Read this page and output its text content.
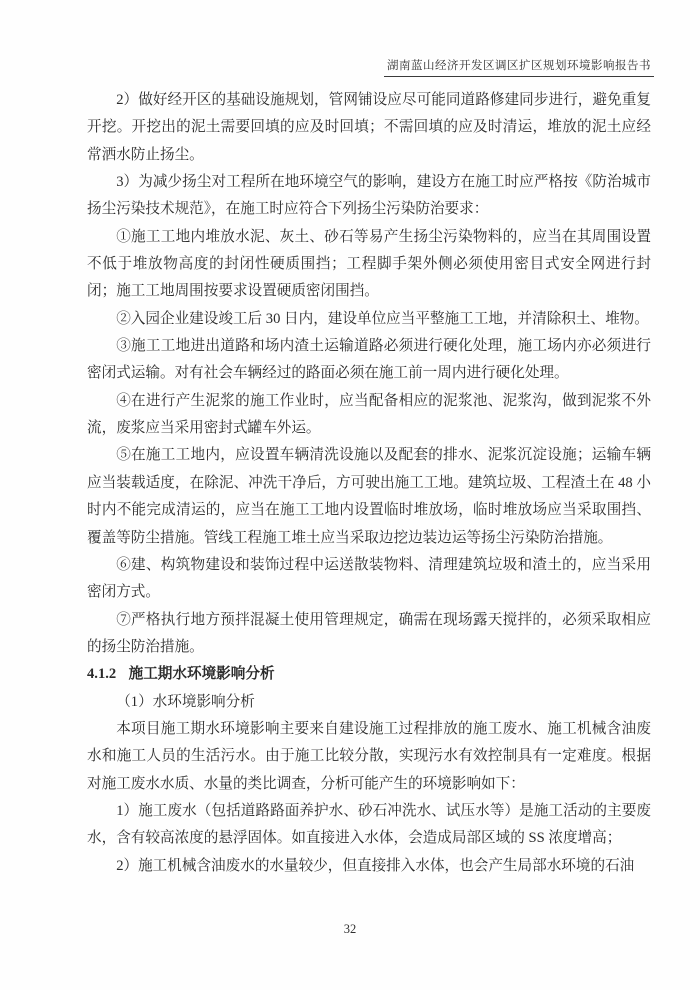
湖南蓝山经济开发区调区扩区规划环境影响报告书

2）做好经开区的基础设施规划，管网铺设应尽可能同道路修建同步进行，避免重复开挖。开挖出的泥土需要回填的应及时回填；不需回填的应及时清运，堆放的泥土应经常洒水防止扬尘。

3）为减少扬尘对工程所在地环境空气的影响，建设方在施工时应严格按《防治城市扬尘污染技术规范》，在施工时应符合下列扬尘污染防治要求：

①施工工地内堆放水泥、灰土、砂石等易产生扬尘污染物料的，应当在其周围设置不低于堆放物高度的封闭性硬质围挡；工程脚手架外侧必须使用密目式安全网进行封闭；施工工地周围按要求设置硬质密闭围挡。

②入园企业建设竣工后 30 日内，建设单位应当平整施工工地，并清除积土、堆物。

③施工工地进出道路和场内渣土运输道路必须进行硬化处理，施工场内亦必须进行密闭式运输。对有社会车辆经过的路面必须在施工前一周内进行硬化处理。

④在进行产生泥浆的施工作业时，应当配备相应的泥浆池、泥浆沟，做到泥浆不外流，废浆应当采用密封式罐车外运。

⑤在施工工地内，应设置车辆清洗设施以及配套的排水、泥浆沉淀设施；运输车辆应当装载适度，在除泥、冲洗干净后，方可驶出施工工地。建筑垃圾、工程渣土在 48 小时内不能完成清运的，应当在施工工地内设置临时堆放场，临时堆放场应当采取围挡、覆盖等防尘措施。管线工程施工堆土应当采取边挖边装边运等扬尘污染防治措施。

⑥建、构筑物建设和装饰过程中运送散装物料、清理建筑垃圾和渣土的，应当采用密闭方式。

⑦严格执行地方预拌混凝土使用管理规定，确需在现场露天搅拌的，必须采取相应的扬尘防治措施。

4.1.2 施工期水环境影响分析

（1）水环境影响分析

本项目施工期水环境影响主要来自建设施工过程排放的施工废水、施工机械含油废水和施工人员的生活污水。由于施工比较分散，实现污水有效控制具有一定难度。根据对施工废水水质、水量的类比调查，分析可能产生的环境影响如下：

1）施工废水（包括道路路面养护水、砂石冲洗水、试压水等）是施工活动的主要废水，含有较高浓度的悬浮固体。如直接进入水体，会造成局部区域的 SS 浓度增高；

2）施工机械含油废水的水量较少，但直接排入水体，也会产生局部水环境的石油

32
